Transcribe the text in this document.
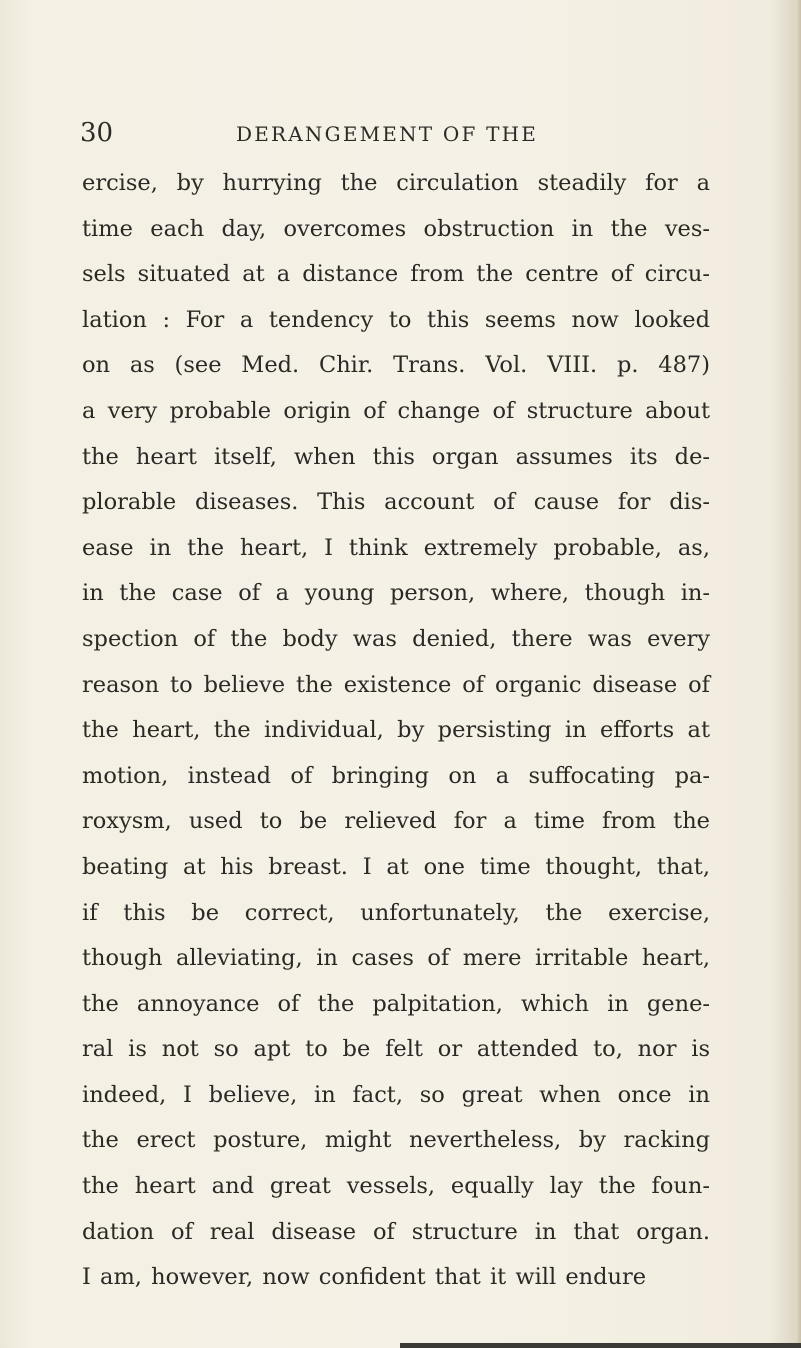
30	DERANGEMENT OF THE
ercise, by hurrying the circulation steadily for a
time each day, overcomes obstruction in the ves-
sels situated at a distance from the centre of circu-
lation : For a tendency to this seems now looked
on as (see Med. Chir. Trans. Vol. VIII. p. 487)
a very probable origin of change of structure about
the heart itself, when this organ assumes its de-
plorable diseases. This account of cause for dis-
ease in the heart, I think extremely probable, as,
in the case of a young person, where, though in-
spection of the body was denied, there was every
reason to believe the existence of organic disease of
the heart, the individual, by persisting in efforts at
motion, instead of bringing on a suffocating pa-
roxysm, used to be relieved for a time from the
beating at his breast. I at one time thought, that,
if this be correct, unfortunately, the exercise,
though alleviating, in cases of mere irritable heart,
the annoyance of the palpitation, which in gene-
ral is not so apt to be felt or attended to, nor is
indeed, I believe, in fact, so great when once in
the erect posture, might nevertheless, by racking
the heart and great vessels, equally lay the foun-
dation of real disease of structure in that organ.
I am, however, now confident that it will endure
